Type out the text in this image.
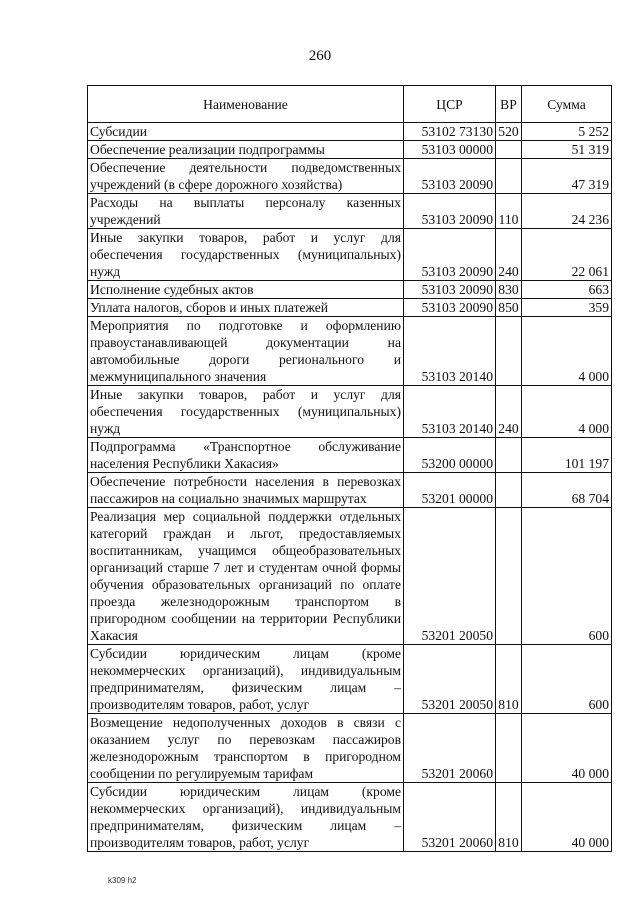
260
Наименование	ЦСР	ВР	Сумма
Субсидии	53102 73130	520	5 252
Обеспечение реализации подпрограммы	53103 00000		51 319
Обеспечение деятельности подведомственных учреждений (в сфере дорожного хозяйства)	53103 20090		47 319
Расходы на выплаты персоналу казенных учреждений	53103 20090	110	24 236
Иные закупки товаров, работ и услуг для обеспечения государственных (муниципальных) нужд	53103 20090	240	22 061
Исполнение судебных актов	53103 20090	830	663
Уплата налогов, сборов и иных платежей	53103 20090	850	359
Мероприятия по подготовке и оформлению правоустанавливающей документации на автомобильные дороги регионального и межмуниципального значения	53103 20140		4 000
Иные закупки товаров, работ и услуг для обеспечения государственных (муниципальных) нужд	53103 20140	240	4 000
Подпрограмма «Транспортное обслуживание населения Республики Хакасия»	53200 00000		101 197
Обеспечение потребности населения в перевозках пассажиров на социально значимых маршрутах	53201 00000		68 704
Реализация мер социальной поддержки отдельных категорий граждан и льгот, предоставляемых воспитанникам, учащимся общеобразовательных организаций старше 7 лет и студентам очной формы обучения образовательных организаций по оплате проезда железнодорожным транспортом в пригородном сообщении на территории Республики Хакасия	53201 20050		600
Субсидии юридическим лицам (кроме некоммерческих организаций), индивидуальным предпринимателям, физическим лицам – производителям товаров, работ, услуг	53201 20050	810	600
Возмещение недополученных доходов в связи с оказанием услуг по перевозкам пассажиров железнодорожным транспортом в пригородном сообщении по регулируемым тарифам	53201 20060		40 000
Субсидии юридическим лицам (кроме некоммерческих организаций), индивидуальным предпринимателям, физическим лицам – производителям товаров, работ, услуг	53201 20060	810	40 000
k309 h2
